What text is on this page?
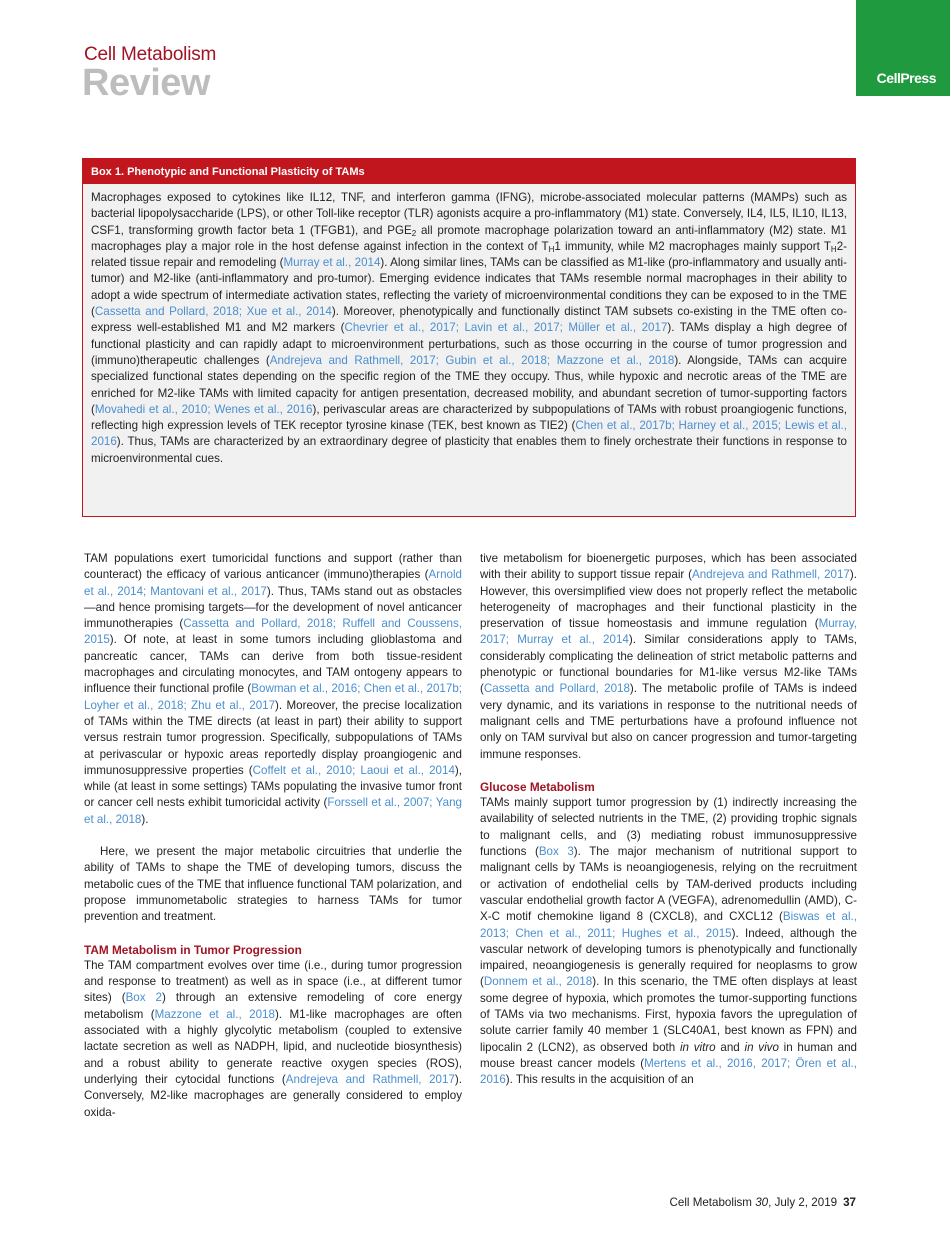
Cell Metabolism
Review	CellPress
Box 1. Phenotypic and Functional Plasticity of TAMs
Macrophages exposed to cytokines like IL12, TNF, and interferon gamma (IFNG), microbe-associated molecular patterns (MAMPs) such as bacterial lipopolysaccharide (LPS), or other Toll-like receptor (TLR) agonists acquire a pro-inflammatory (M1) state. Conversely, IL4, IL5, IL10, IL13, CSF1, transforming growth factor beta 1 (TFGB1), and $PGE_2$ all promote macrophage polarization toward an anti-inflammatory (M2) state. M1 macrophages play a major role in the host defense against infection in the context of $T_H1$ immunity, while M2 macrophages mainly support $T_H2$-related tissue repair and remodeling (Murray et al., 2014). Along similar lines, TAMs can be classified as M1-like (pro-inflammatory and usually anti-tumor) and M2-like (anti-inflammatory and pro-tumor). Emerging evidence indicates that TAMs resemble normal macrophages in their ability to adopt a wide spectrum of intermediate activation states, reflecting the variety of microenvironmental conditions they can be exposed to in the TME (Cassetta and Pollard, 2018; Xue et al., 2014). Moreover, phenotypically and functionally distinct TAM subsets co-existing in the TME often co-express well-established M1 and M2 markers (Chevrier et al., 2017; Lavin et al., 2017; Müller et al., 2017). TAMs display a high degree of functional plasticity and can rapidly adapt to microenvironment perturbations, such as those occurring in the course of tumor progression and (immuno)therapeutic challenges (Andrejeva and Rathmell, 2017; Gubin et al., 2018; Mazzone et al., 2018). Alongside, TAMs can acquire specialized functional states depending on the specific region of the TME they occupy. Thus, while hypoxic and necrotic areas of the TME are enriched for M2-like TAMs with limited capacity for antigen presentation, decreased mobility, and abundant secretion of tumor-supporting factors (Movahedi et al., 2010; Wenes et al., 2016), perivascular areas are characterized by subpopulations of TAMs with robust proangiogenic functions, reflecting high expression levels of TEK receptor tyrosine kinase (TEK, best known as TIE2) (Chen et al., 2017b; Harney et al., 2015; Lewis et al., 2016). Thus, TAMs are characterized by an extraordinary degree of plasticity that enables them to finely orchestrate their functions in response to microenvironmental cues.

TAM populations exert tumoricidal functions and support (rather than counteract) the efficacy of various anticancer (immuno)therapies (Arnold et al., 2014; Mantovani et al., 2017). Thus, TAMs stand out as obstacles—and hence promising targets—for the development of novel anticancer immunotherapies (Cassetta and Pollard, 2018; Ruffell and Coussens, 2015). Of note, at least in some tumors including glioblastoma and pancreatic cancer, TAMs can derive from both tissue-resident macrophages and circulating monocytes, and TAM ontogeny appears to influence their functional profile (Bowman et al., 2016; Chen et al., 2017b; Loyher et al., 2018; Zhu et al., 2017). Moreover, the precise localization of TAMs within the TME directs (at least in part) their ability to support versus restrain tumor progression. Specifically, subpopulations of TAMs at perivascular or hypoxic areas reportedly display proangiogenic and immunosuppressive properties (Coffelt et al., 2010; Laoui et al., 2014), while (at least in some settings) TAMs populating the invasive tumor front or cancer cell nests exhibit tumoricidal activity (Forssell et al., 2007; Yang et al., 2018).

Here, we present the major metabolic circuitries that underlie the ability of TAMs to shape the TME of developing tumors, discuss the metabolic cues of the TME that influence functional TAM polarization, and propose immunometabolic strategies to harness TAMs for tumor prevention and treatment.

TAM Metabolism in Tumor Progression

The TAM compartment evolves over time (i.e., during tumor progression and response to treatment) as well as in space (i.e., at different tumor sites) (Box 2) through an extensive remodeling of core energy metabolism (Mazzone et al., 2018). M1-like macrophages are often associated with a highly glycolytic metabolism (coupled to extensive lactate secretion as well as NADPH, lipid, and nucleotide biosynthesis) and a robust ability to generate reactive oxygen species (ROS), underlying their cytocidal functions (Andrejeva and Rathmell, 2017). Conversely, M2-like macrophages are generally considered to employ oxida-

tive metabolism for bioenergetic purposes, which has been associated with their ability to support tissue repair (Andrejeva and Rathmell, 2017). However, this oversimplified view does not properly reflect the metabolic heterogeneity of macrophages and their functional plasticity in the preservation of tissue homeostasis and immune regulation (Murray, 2017; Murray et al., 2014). Similar considerations apply to TAMs, considerably complicating the delineation of strict metabolic patterns and phenotypic or functional boundaries for M1-like versus M2-like TAMs (Cassetta and Pollard, 2018). The metabolic profile of TAMs is indeed very dynamic, and its variations in response to the nutritional needs of malignant cells and TME perturbations have a profound influence not only on TAM survival but also on cancer progression and tumor-targeting immune responses.

Glucose Metabolism

TAMs mainly support tumor progression by (1) indirectly increasing the availability of selected nutrients in the TME, (2) providing trophic signals to malignant cells, and (3) mediating robust immunosuppressive functions (Box 3). The major mechanism of nutritional support to malignant cells by TAMs is neoangiogenesis, relying on the recruitment or activation of endothelial cells by TAM-derived products including vascular endothelial growth factor A (VEGFA), adrenomedullin (AMD), C-X-C motif chemokine ligand 8 (CXCL8), and CXCL12 (Biswas et al., 2013; Chen et al., 2011; Hughes et al., 2015). Indeed, although the vascular network of developing tumors is phenotypically and functionally impaired, neoangiogenesis is generally required for neoplasms to grow (Donnem et al., 2018). In this scenario, the TME often displays at least some degree of hypoxia, which promotes the tumor-supporting functions of TAMs via two mechanisms. First, hypoxia favors the upregulation of solute carrier family 40 member 1 (SLC40A1, best known as FPN) and lipocalin 2 (LCN2), as observed both in vitro and in vivo in human and mouse breast cancer models (Mertens et al., 2016, 2017; Ören et al., 2016). This results in the acquisition of an

Cell Metabolism 30, July 2, 2019 37
